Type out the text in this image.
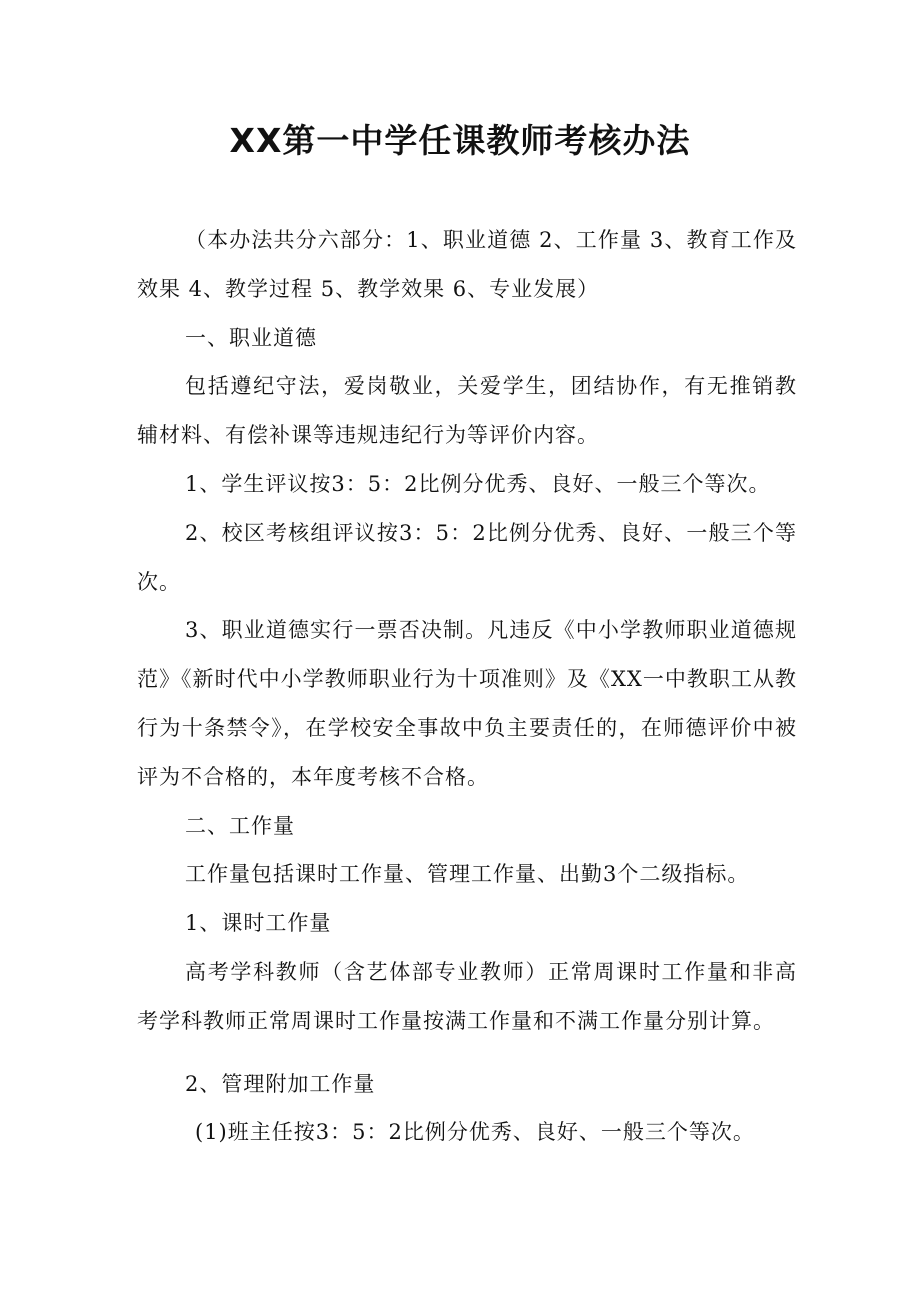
XX第一中学任课教师考核办法

（本办法共分六部分：1、职业道德 2、工作量 3、教育工作及效果 4、教学过程 5、教学效果 6、专业发展）

一、职业道德

包括遵纪守法，爱岗敬业，关爱学生，团结协作，有无推销教辅材料、有偿补课等违规违纪行为等评价内容。

1、学生评议按3：5：2比例分优秀、良好、一般三个等次。

2、校区考核组评议按3：5：2比例分优秀、良好、一般三个等次。

3、职业道德实行一票否决制。凡违反《中小学教师职业道德规范》《新时代中小学教师职业行为十项准则》及《XX一中教职工从教行为十条禁令》，在学校安全事故中负主要责任的，在师德评价中被评为不合格的，本年度考核不合格。

二、工作量

工作量包括课时工作量、管理工作量、出勤3个二级指标。

1、课时工作量

高考学科教师（含艺体部专业教师）正常周课时工作量和非高考学科教师正常周课时工作量按满工作量和不满工作量分别计算。

2、管理附加工作量

(1)班主任按3：5：2比例分优秀、良好、一般三个等次。
